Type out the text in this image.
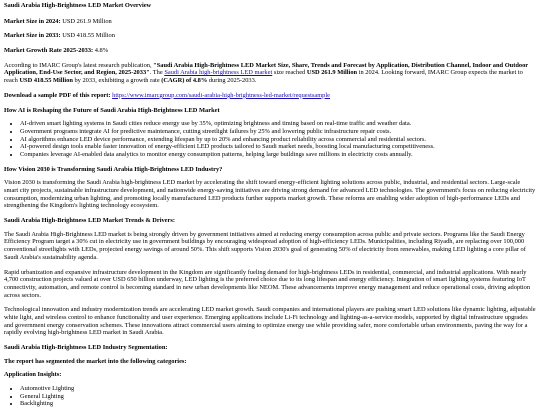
Saudi Arabia High-Brightness LED Market Overview

Market Size in 2024: USD 261.9 Million

Market Size in 2033: USD 418.55 Million

Market Growth Rate 2025-2033: 4.8%

According to IMARC Group's latest research publication, "Saudi Arabia High-Brightness LED Market Size, Share, Trends and Forecast by Application, Distribution Channel, Indoor and Outdoor Application, End-Use Sector, and Region, 2025-2033". The Saudi Arabia high-brightness LED market size reached USD 261.9 Million in 2024. Looking forward, IMARC Group expects the market to reach USD 418.55 Million by 2033, exhibiting a growth rate (CAGR) of 4.8% during 2025-2033.

Download a sample PDF of this report: https://www.imarcgroup.com/saudi-arabia-high-brightness-led-market/requestsample

How AI is Reshaping the Future of Saudi Arabia High-Brightness LED Market
• AI-driven smart lighting systems in Saudi cities reduce energy use by 35%, optimizing brightness and timing based on real-time traffic and weather data.
• Government programs integrate AI for predictive maintenance, cutting streetlight failures by 25% and lowering public infrastructure repair costs.
• AI algorithms enhance LED device performance, extending lifespan by up to 20% and enhancing product reliability across commercial and residential sectors.
• AI-powered design tools enable faster innovation of energy-efficient LED products tailored to Saudi market needs, boosting local manufacturing competitiveness.
• Companies leverage AI-enabled data analytics to monitor energy consumption patterns, helping large buildings save millions in electricity costs annually.
How Vision 2030 is Transforming Saudi Arabia High-Brightness LED Industry?

Vision 2030 is transforming the Saudi Arabia high-brightness LED market by accelerating the shift toward energy-efficient lighting solutions across public, industrial, and residential sectors. Large-scale smart city projects, sustainable infrastructure development, and nationwide energy-saving initiatives are driving strong demand for advanced LED technologies. The government's focus on reducing electricity consumption, modernizing urban lighting, and promoting locally manufactured LED products further supports market growth. These reforms are enabling wider adoption of high-performance LEDs and strengthening the Kingdom's lighting technology ecosystem.

Saudi Arabia High-Brightness LED Market Trends & Drivers:

The Saudi Arabia High-Brightness LED market is being strongly driven by government initiatives aimed at reducing energy consumption across public and private sectors. Programs like the Saudi Energy Efficiency Program target a 30% cut in electricity use in government buildings by encouraging widespread adoption of high-efficiency LEDs. Municipalities, including Riyadh, are replacing over 100,000 conventional streetlights with LEDs, projected energy savings of around 50%. This shift supports Vision 2030's goal of generating 50% of electricity from renewables, making LED lighting a core pillar of Saudi Arabia's sustainability agenda.

Rapid urbanization and expansive infrastructure development in the Kingdom are significantly fueling demand for high-brightness LEDs in residential, commercial, and industrial applications. With nearly 4,700 construction projects valued at over USD 650 billion underway, LED lighting is the preferred choice due to its long lifespan and energy efficiency. Integration of smart lighting systems featuring IoT connectivity, automation, and remote control is becoming standard in new urban developments like NEOM. These advancements improve energy management and reduce operational costs, driving adoption across sectors.

Technological innovation and industry modernization trends are accelerating LED market growth. Saudi companies and international players are pushing smart LED solutions like dynamic lighting, adjustable white light, and wireless control to enhance functionality and user experience. Emerging applications include Li-Fi technology and lighting-as-a-service models, supported by digital infrastructure upgrades and government energy conservation schemes. These innovations attract commercial users aiming to optimize energy use while providing safer, more comfortable urban environments, paving the way for a rapidly evolving high-brightness LED market in Saudi Arabia.

Saudi Arabia High-Brightness LED Industry Segmentation:
The report has segmented the market into the following categories:
Application Insights:
• Automotive Lighting
• General Lighting
• Backlighting
